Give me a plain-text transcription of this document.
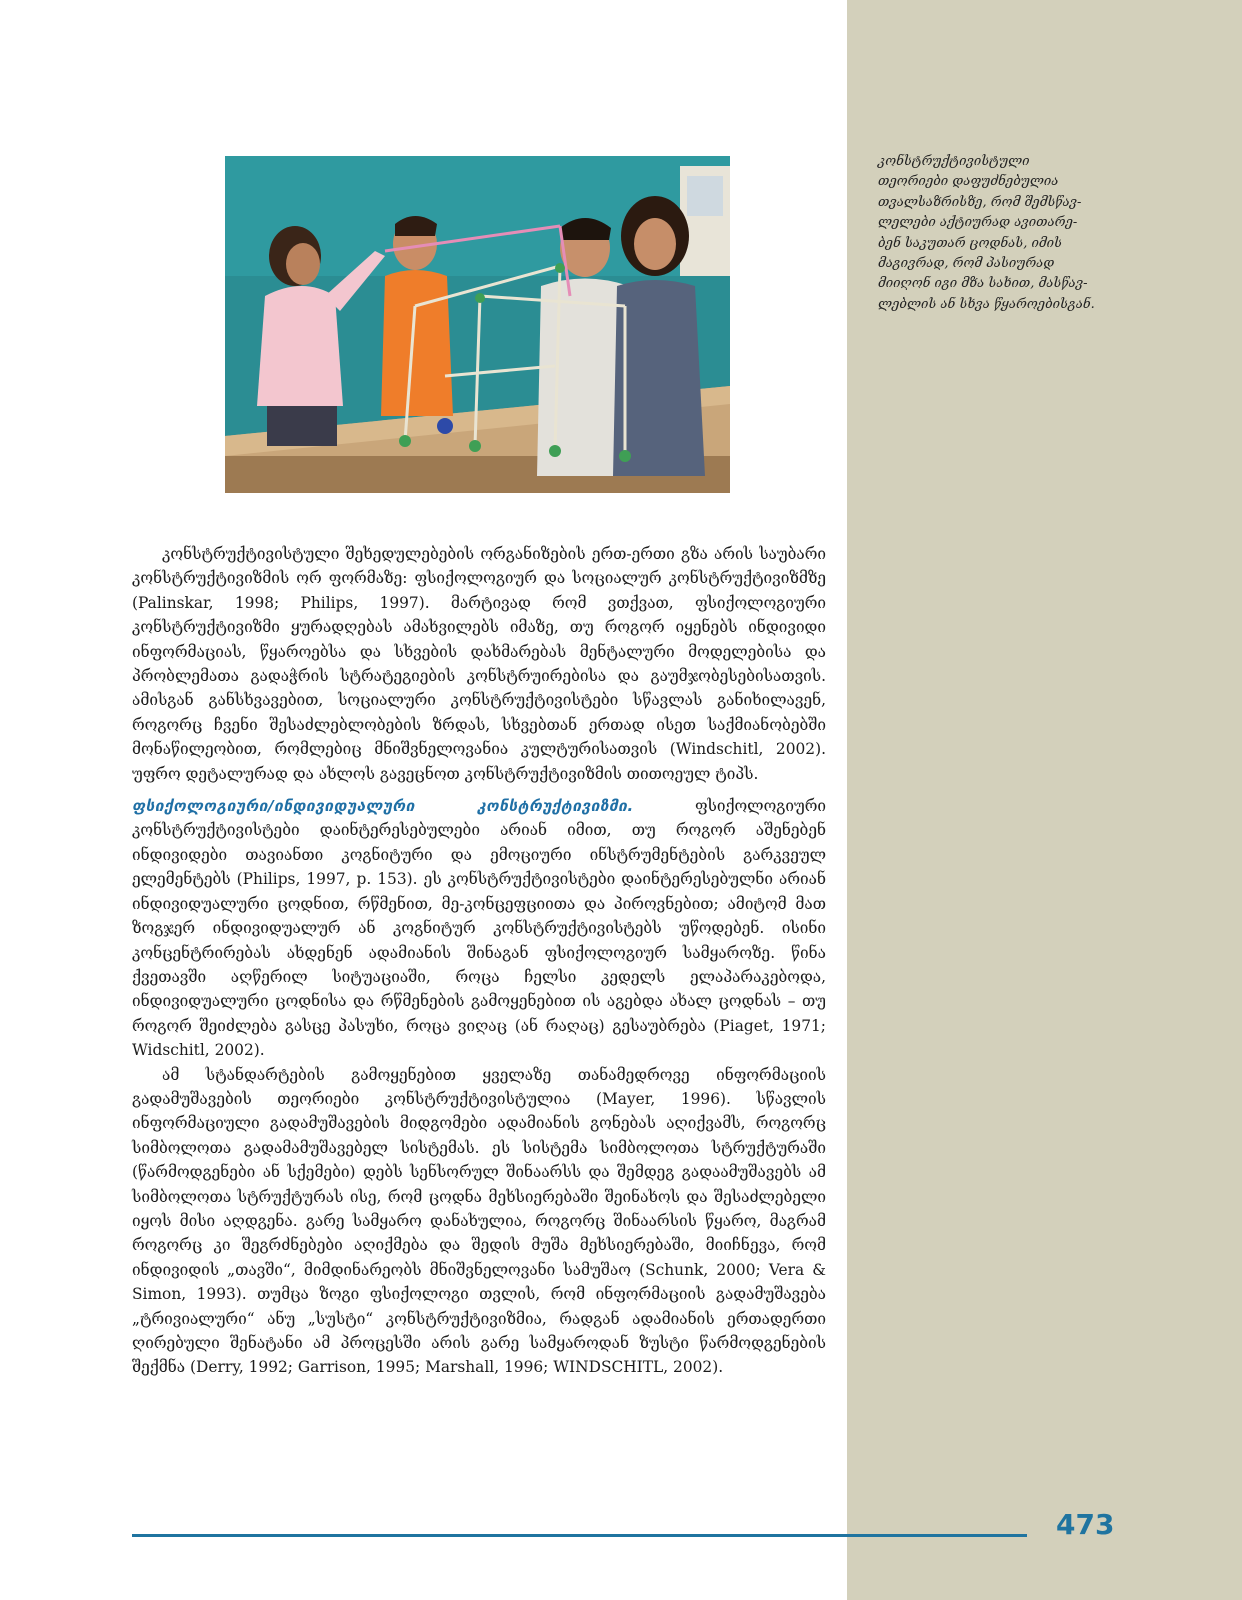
კონსტრუქტივისტული
თეორიები დაფუძნებულია
თვალსაზრისზე, რომ შემსწავ-
ლელები აქტიურად ავითარე-
ბენ საკუთარ ცოდნას, იმის
მაგივრად, რომ პასიურად
მიიღონ იგი მზა სახით, მასწავ-
ლებლის ან სხვა წყაროებისგან.

კონსტრუქტივისტული შეხედულებების ორგანიზების ერთ-ერთი გზა არის საუბარი კონსტრუქტივიზმის ორ ფორმაზე: ფსიქოლოგიურ და სოციალურ კონსტრუქტივიზმზე (Palinskar, 1998; Philips, 1997). მარტივად რომ ვთქვათ, ფსიქოლოგიური კონსტრუქტივიზმი ყურადღებას ამახვილებს იმაზე, თუ როგორ იყენებს ინდივიდი ინფორმაციას, წყაროებსა და სხვების დახმარებას მენტალური მოდელებისა და პრობლემათა გადაჭრის სტრატეგიების კონსტრუირებისა და გაუმჯობესებისათვის. ამისგან განსხვავებით, სოციალური კონსტრუქტივისტები სწავლას განიხილავენ, როგორც ჩვენი შესაძლებლობების ზრდას, სხვებთან ერთად ისეთ საქმიანობებში მონაწილეობით, რომლებიც მნიშვნელოვანია კულტურისათვის (Windschitl, 2002). უფრო დეტალურად და ახლოს გავეცნოთ კონსტრუქტივიზმის თითოეულ ტიპს.

ფსიქოლოგიური/ინდივიდუალური კონსტრუქტივიზმი. ფსიქოლოგიური კონსტრუქტივისტები დაინტერესებულები არიან იმით, თუ როგორ აშენებენ ინდივიდები თავიანთი კოგნიტური და ემოციური ინსტრუმენტების გარკვეულ ელემენტებს (Philips, 1997, p. 153). ეს კონსტრუქტივისტები დაინტერესებულნი არიან ინდივიდუალური ცოდნით, რწმენით, მე-კონცეფციითა და პიროვნებით; ამიტომ მათ ზოგჯერ ინდივიდუალურ ან კოგნიტურ კონსტრუქტივისტებს უწოდებენ. ისინი კონცენტრირებას ახდენენ ადამიანის შინაგან ფსიქოლოგიურ სამყაროზე. წინა ქვეთავში აღწერილ სიტუაციაში, როცა ჩელსი კედელს ელაპარაკებოდა, ინდივიდუალური ცოდნისა და რწმენების გამოყენებით ის აგებდა ახალ ცოდნას – თუ როგორ შეიძლება გასცე პასუხი, როცა ვიღაც (ან რაღაც) გესაუბრება (Piaget, 1971; Widschitl, 2002).

ამ სტანდარტების გამოყენებით ყველაზე თანამედროვე ინფორმაციის გადამუშავების თეორიები კონსტრუქტივისტულია (Mayer, 1996). სწავლის ინფორმაციული გადამუშავების მიდგომები ადამიანის გონებას აღიქვამს, როგორც სიმბოლოთა გადამამუშავებელ სისტემას. ეს სისტემა სიმბოლოთა სტრუქტურაში (წარმოდგენები ან სქემები) დებს სენსორულ შინაარსს და შემდეგ გადაამუშავებს ამ სიმბოლოთა სტრუქტურას ისე, რომ ცოდნა მეხსიერებაში შეინახოს და შესაძლებელი იყოს მისი აღდგენა. გარე სამყარო დანახულია, როგორც შინაარსის წყარო, მაგრამ როგორც კი შეგრძნებები აღიქმება და შედის მუშა მეხსიერებაში, მიიჩნევა, რომ ინდივიდის „თავში“, მიმდინარეობს მნიშვნელოვანი სამუშაო (Schunk, 2000; Vera & Simon, 1993). თუმცა ზოგი ფსიქოლოგი თვლის, რომ ინფორმაციის გადამუშავება „ტრივიალური“ ანუ „სუსტი“ კონსტრუქტივიზმია, რადგან ადამიანის ერთადერთი ღირებული შენატანი ამ პროცესში არის გარე სამყაროდან ზუსტი წარმოდგენების შექმნა (Derry, 1992; Garrison, 1995; Marshall, 1996; WINDSCHITL, 2002).

473
